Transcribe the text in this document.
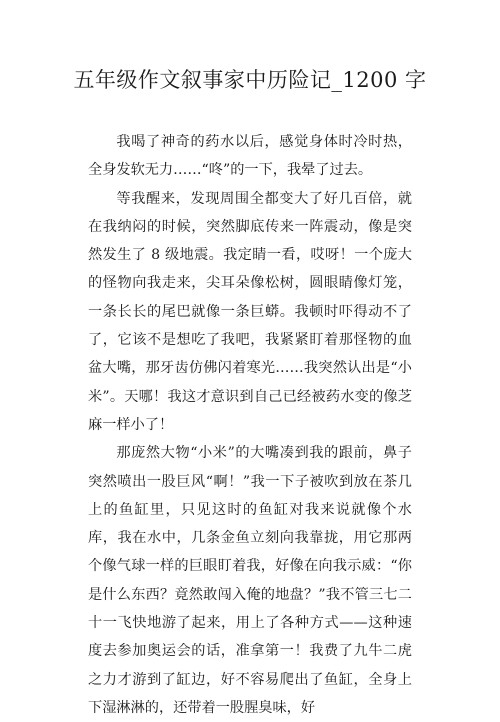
五年级作文叙事家中历险记_1200 字

我喝了神奇的药水以后，感觉身体时冷时热，全身发软无力……“咚”的一下，我晕了过去。

等我醒来，发现周围全都变大了好几百倍，就在我纳闷的时候，突然脚底传来一阵震动，像是突然发生了 8 级地震。我定睛一看，哎呀！一个庞大的怪物向我走来，尖耳朵像松树，圆眼睛像灯笼，一条长长的尾巴就像一条巨蟒。我顿时吓得动不了了，它该不是想吃了我吧，我紧紧盯着那怪物的血盆大嘴，那牙齿仿佛闪着寒光……我突然认出是“小米”。天哪！我这才意识到自己已经被药水变的像芝麻一样小了！

那庞然大物“小米”的大嘴凑到我的跟前，鼻子突然喷出一股巨风“啊！”我一下子被吹到放在茶几上的鱼缸里，只见这时的鱼缸对我来说就像个水库，我在水中，几条金鱼立刻向我靠拢，用它那两个像气球一样的巨眼盯着我，好像在向我示威：“你是什么东西？竟然敢闯入俺的地盘？”我不管三七二十一飞快地游了起来，用上了各种方式——这种速度去参加奥运会的话，准拿第一！我费了九牛二虎之力才游到了缸边，好不容易爬出了鱼缸，全身上下湿淋淋的，还带着一股腥臭味，好
